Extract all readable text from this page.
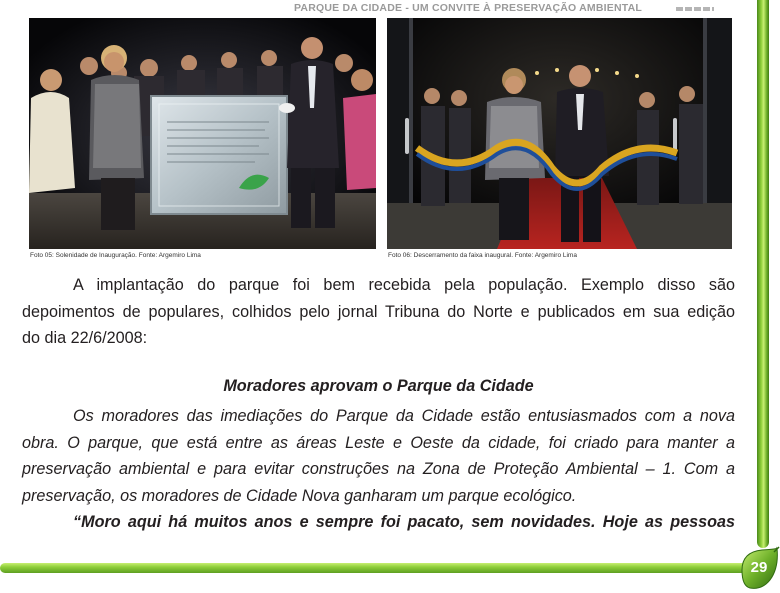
PARQUE DA CIDADE - UM CONVITE À PRESERVAÇÃO AMBIENTAL
Foto 05: Solenidade de Inauguração. Fonte: Argemiro Lima	Foto 06: Descerramento da faixa inaugural. Fonte: Argemiro Lima
A implantação do parque foi bem recebida pela população. Exemplo disso são
depoimentos de populares, colhidos pelo jornal Tribuna do Norte e publicados em sua edição
do dia 22/6/2008:
Moradores aprovam o Parque da Cidade
Os moradores das imediações do Parque da Cidade estão entusiasmados com a nova
obra. O parque, que está entre as áreas Leste e Oeste da cidade, foi criado para manter a
preservação ambiental e para evitar construções na Zona de Proteção Ambiental – 1. Com a
preservação, os moradores de Cidade Nova ganharam um parque ecológico.
“Moro aqui há muitos anos e sempre foi pacato, sem novidades. Hoje as pessoas
29
